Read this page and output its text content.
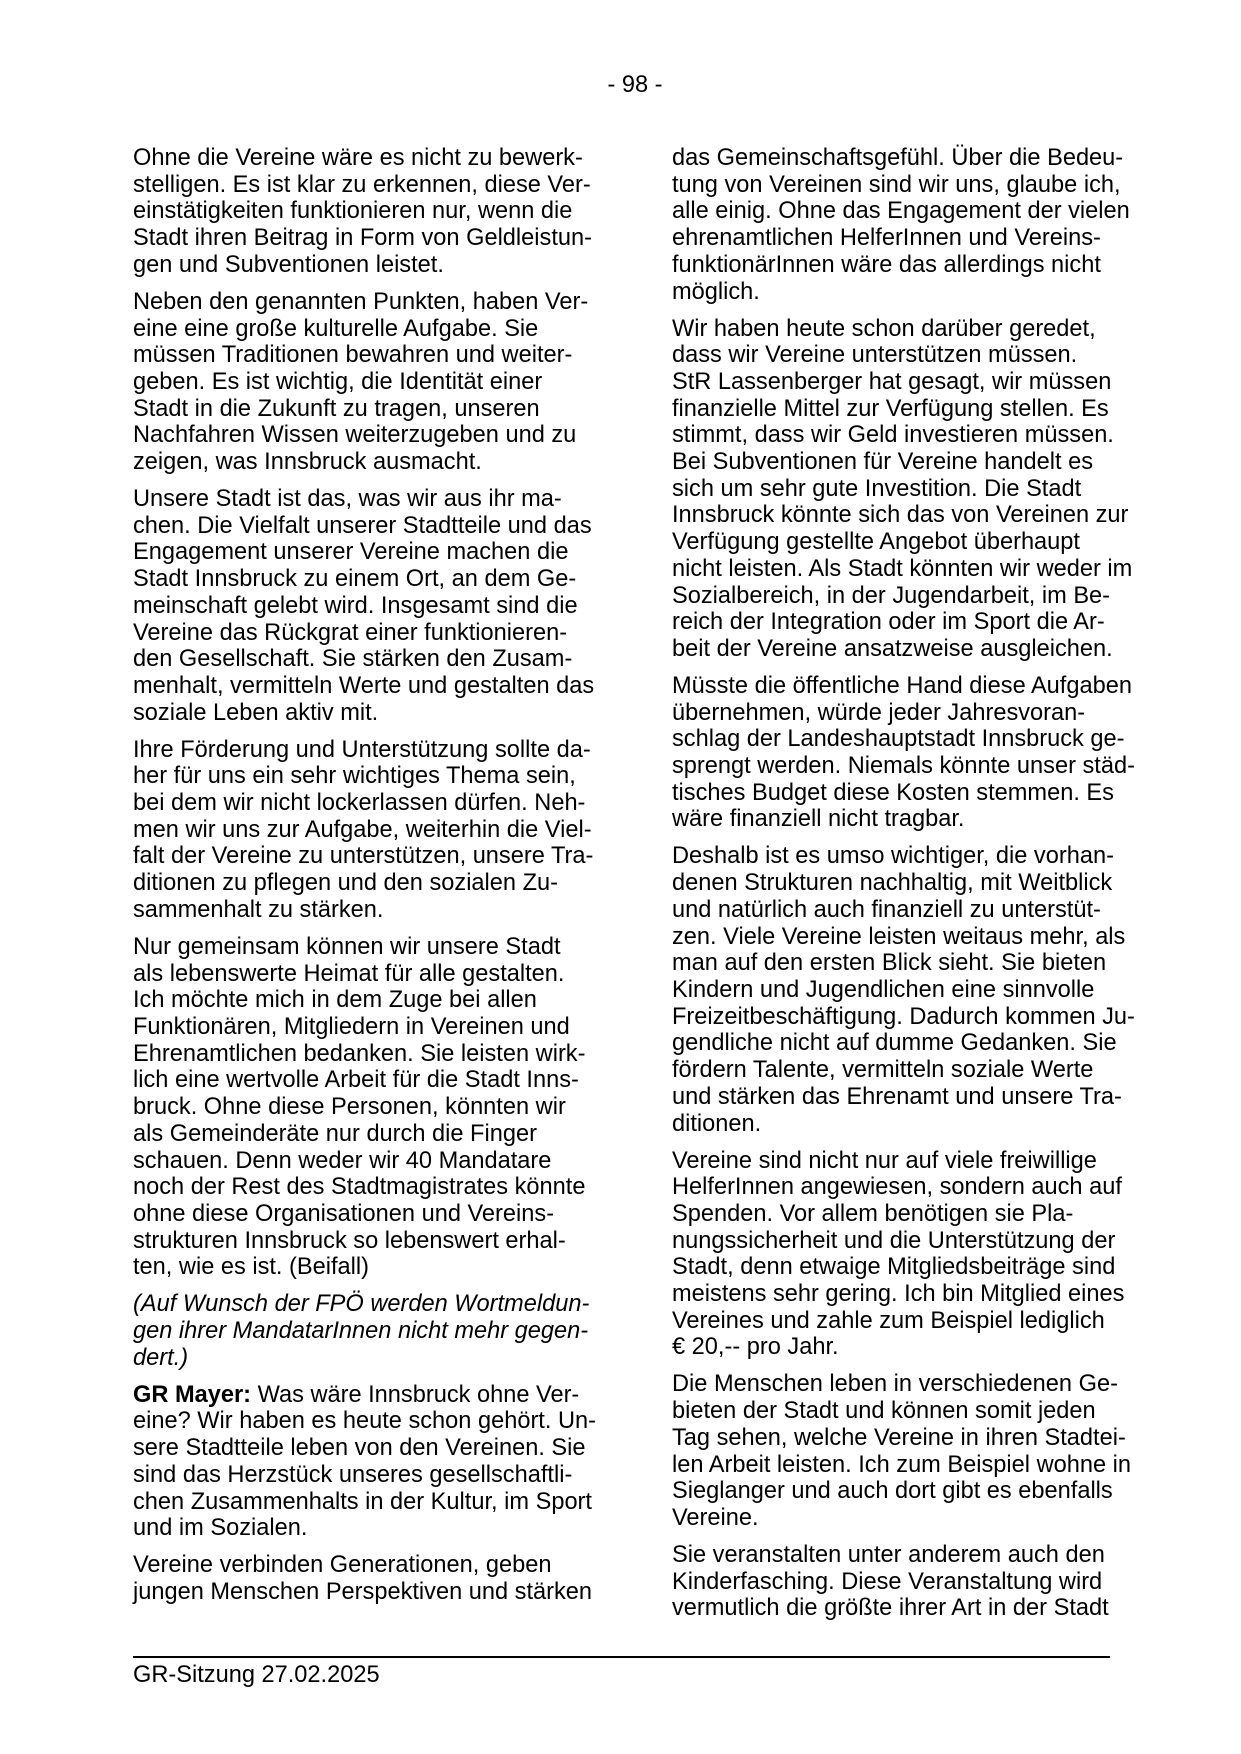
- 98 -

Ohne die Vereine wäre es nicht zu bewerk-
stelligen. Es ist klar zu erkennen, diese Ver-
einstätigkeiten funktionieren nur, wenn die
Stadt ihren Beitrag in Form von Geldleistun-
gen und Subventionen leistet.

Neben den genannten Punkten, haben Ver-
eine eine große kulturelle Aufgabe. Sie
müssen Traditionen bewahren und weiter-
geben. Es ist wichtig, die Identität einer
Stadt in die Zukunft zu tragen, unseren
Nachfahren Wissen weiterzugeben und zu
zeigen, was Innsbruck ausmacht.

Unsere Stadt ist das, was wir aus ihr ma-
chen. Die Vielfalt unserer Stadtteile und das
Engagement unserer Vereine machen die
Stadt Innsbruck zu einem Ort, an dem Ge-
meinschaft gelebt wird. Insgesamt sind die
Vereine das Rückgrat einer funktionieren-
den Gesellschaft. Sie stärken den Zusam-
menhalt, vermitteln Werte und gestalten das
soziale Leben aktiv mit.

Ihre Förderung und Unterstützung sollte da-
her für uns ein sehr wichtiges Thema sein,
bei dem wir nicht lockerlassen dürfen. Neh-
men wir uns zur Aufgabe, weiterhin die Viel-
falt der Vereine zu unterstützen, unsere Tra-
ditionen zu pflegen und den sozialen Zu-
sammenhalt zu stärken.

Nur gemeinsam können wir unsere Stadt
als lebenswerte Heimat für alle gestalten.
Ich möchte mich in dem Zuge bei allen
Funktionären, Mitgliedern in Vereinen und
Ehrenamtlichen bedanken. Sie leisten wirk-
lich eine wertvolle Arbeit für die Stadt Inns-
bruck. Ohne diese Personen, könnten wir
als Gemeinderäte nur durch die Finger
schauen. Denn weder wir 40 Mandatare
noch der Rest des Stadtmagistrates könnte
ohne diese Organisationen und Vereins-
strukturen Innsbruck so lebenswert erhal-
ten, wie es ist. (Beifall)

(Auf Wunsch der FPÖ werden Wortmeldun-
gen ihrer MandatarInnen nicht mehr gegen-
dert.)

GR Mayer: Was wäre Innsbruck ohne Ver-
eine? Wir haben es heute schon gehört. Un-
sere Stadtteile leben von den Vereinen. Sie
sind das Herzstück unseres gesellschaftli-
chen Zusammenhalts in der Kultur, im Sport
und im Sozialen.

Vereine verbinden Generationen, geben
jungen Menschen Perspektiven und stärken

das Gemeinschaftsgefühl. Über die Bedeu-
tung von Vereinen sind wir uns, glaube ich,
alle einig. Ohne das Engagement der vielen
ehrenamtlichen HelferInnen und Vereins-
funktionärInnen wäre das allerdings nicht
möglich.

Wir haben heute schon darüber geredet,
dass wir Vereine unterstützen müssen.
StR Lassenberger hat gesagt, wir müssen
finanzielle Mittel zur Verfügung stellen. Es
stimmt, dass wir Geld investieren müssen.
Bei Subventionen für Vereine handelt es
sich um sehr gute Investition. Die Stadt
Innsbruck könnte sich das von Vereinen zur
Verfügung gestellte Angebot überhaupt
nicht leisten. Als Stadt könnten wir weder im
Sozialbereich, in der Jugendarbeit, im Be-
reich der Integration oder im Sport die Ar-
beit der Vereine ansatzweise ausgleichen.

Müsste die öffentliche Hand diese Aufgaben
übernehmen, würde jeder Jahresvoran-
schlag der Landeshauptstadt Innsbruck ge-
sprengt werden. Niemals könnte unser städ-
tisches Budget diese Kosten stemmen. Es
wäre finanziell nicht tragbar.

Deshalb ist es umso wichtiger, die vorhan-
denen Strukturen nachhaltig, mit Weitblick
und natürlich auch finanziell zu unterstüt-
zen. Viele Vereine leisten weitaus mehr, als
man auf den ersten Blick sieht. Sie bieten
Kindern und Jugendlichen eine sinnvolle
Freizeitbeschäftigung. Dadurch kommen Ju-
gendliche nicht auf dumme Gedanken. Sie
fördern Talente, vermitteln soziale Werte
und stärken das Ehrenamt und unsere Tra-
ditionen.

Vereine sind nicht nur auf viele freiwillige
HelferInnen angewiesen, sondern auch auf
Spenden. Vor allem benötigen sie Pla-
nungssicherheit und die Unterstützung der
Stadt, denn etwaige Mitgliedsbeiträge sind
meistens sehr gering. Ich bin Mitglied eines
Vereines und zahle zum Beispiel lediglich
€ 20,-- pro Jahr.

Die Menschen leben in verschiedenen Ge-
bieten der Stadt und können somit jeden
Tag sehen, welche Vereine in ihren Stadtei-
len Arbeit leisten. Ich zum Beispiel wohne in
Sieglanger und auch dort gibt es ebenfalls
Vereine.

Sie veranstalten unter anderem auch den
Kinderfasching. Diese Veranstaltung wird
vermutlich die größte ihrer Art in der Stadt

GR-Sitzung 27.02.2025
